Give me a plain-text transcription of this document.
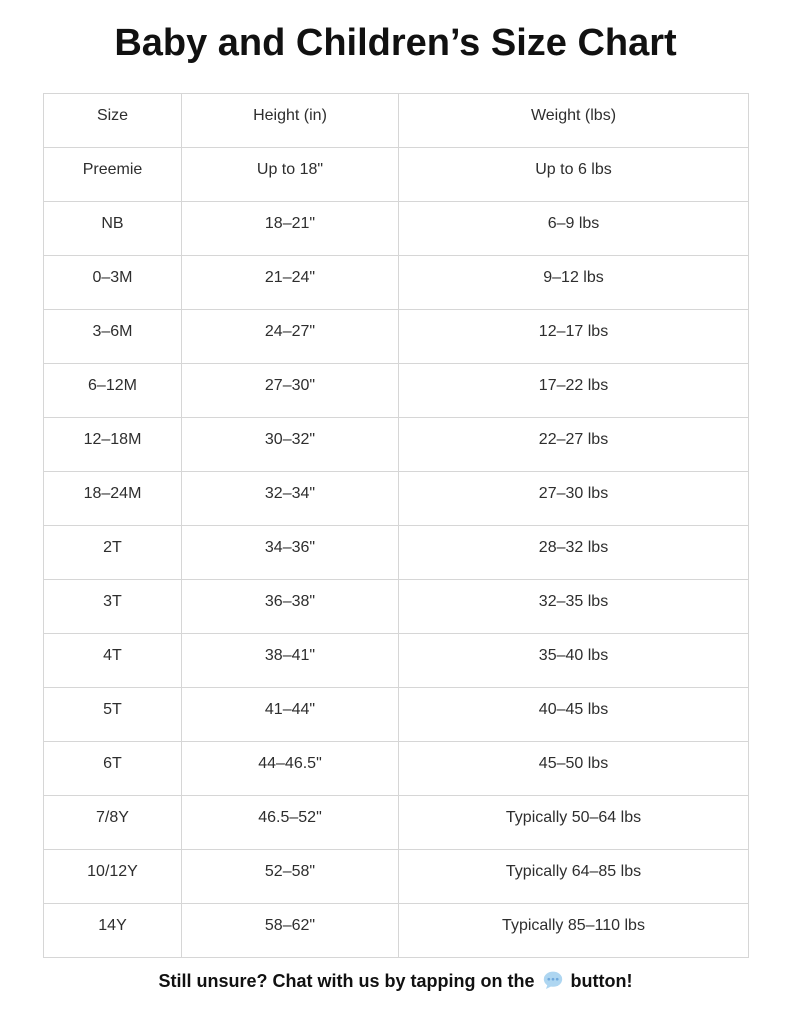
Baby and Children’s Size Chart
Size	Height (in)	Weight (lbs)
Preemie	Up to 18"	Up to 6 lbs
NB	18–21"	6–9 lbs
0–3M	21–24"	9–12 lbs
3–6M	24–27"	12–17 lbs
6–12M	27–30"	17–22 lbs
12–18M	30–32"	22–27 lbs
18–24M	32–34"	27–30 lbs
2T	34–36"	28–32 lbs
3T	36–38"	32–35 lbs
4T	38–41"	35–40 lbs
5T	41–44"	40–45 lbs
6T	44–46.5"	45–50 lbs
7/8Y	46.5–52"	Typically 50–64 lbs
10/12Y	52–58"	Typically 64–85 lbs
14Y	58–62"	Typically 85–110 lbs
Still unsure? Chat with us by tapping on the button!
